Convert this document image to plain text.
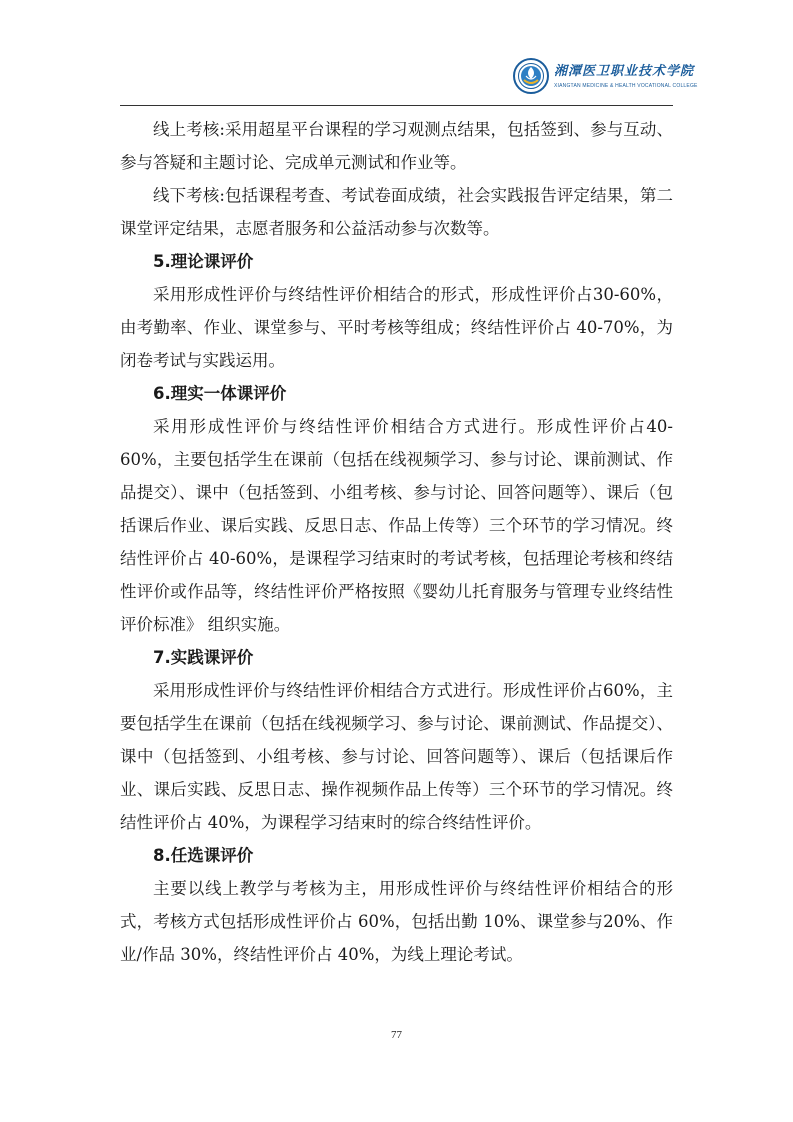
湘潭医卫职业技术学院
XIANGTAN MEDICINE & HEALTH VOCATIONAL COLLEGE

线上考核:采用超星平台课程的学习观测点结果，包括签到、参与互动、参与答疑和主题讨论、完成单元测试和作业等。

线下考核:包括课程考查、考试卷面成绩，社会实践报告评定结果，第二课堂评定结果，志愿者服务和公益活动参与次数等。

5.理论课评价

采用形成性评价与终结性评价相结合的形式，形成性评价占30-60%，由考勤率、作业、课堂参与、平时考核等组成；终结性评价占 40-70%，为闭卷考试与实践运用。

6.理实一体课评价

采用形成性评价与终结性评价相结合方式进行。形成性评价占40-60%，主要包括学生在课前（包括在线视频学习、参与讨论、课前测试、作品提交）、课中（包括签到、小组考核、参与讨论、回答问题等）、课后（包括课后作业、课后实践、反思日志、作品上传等）三个环节的学习情况。终结性评价占 40-60%，是课程学习结束时的考试考核，包括理论考核和终结性评价或作品等，终结性评价严格按照《婴幼儿托育服务与管理专业终结性评价标准》 组织实施。

7.实践课评价

采用形成性评价与终结性评价相结合方式进行。形成性评价占60%，主要包括学生在课前（包括在线视频学习、参与讨论、课前测试、作品提交）、课中（包括签到、小组考核、参与讨论、回答问题等）、课后（包括课后作业、课后实践、反思日志、操作视频作品上传等）三个环节的学习情况。终结性评价占 40%，为课程学习结束时的综合终结性评价。

8.任选课评价

主要以线上教学与考核为主，用形成性评价与终结性评价相结合的形式，考核方式包括形成性评价占 60%，包括出勤 10%、课堂参与20%、作业/作品 30%，终结性评价占 40%，为线上理论考试。

77
